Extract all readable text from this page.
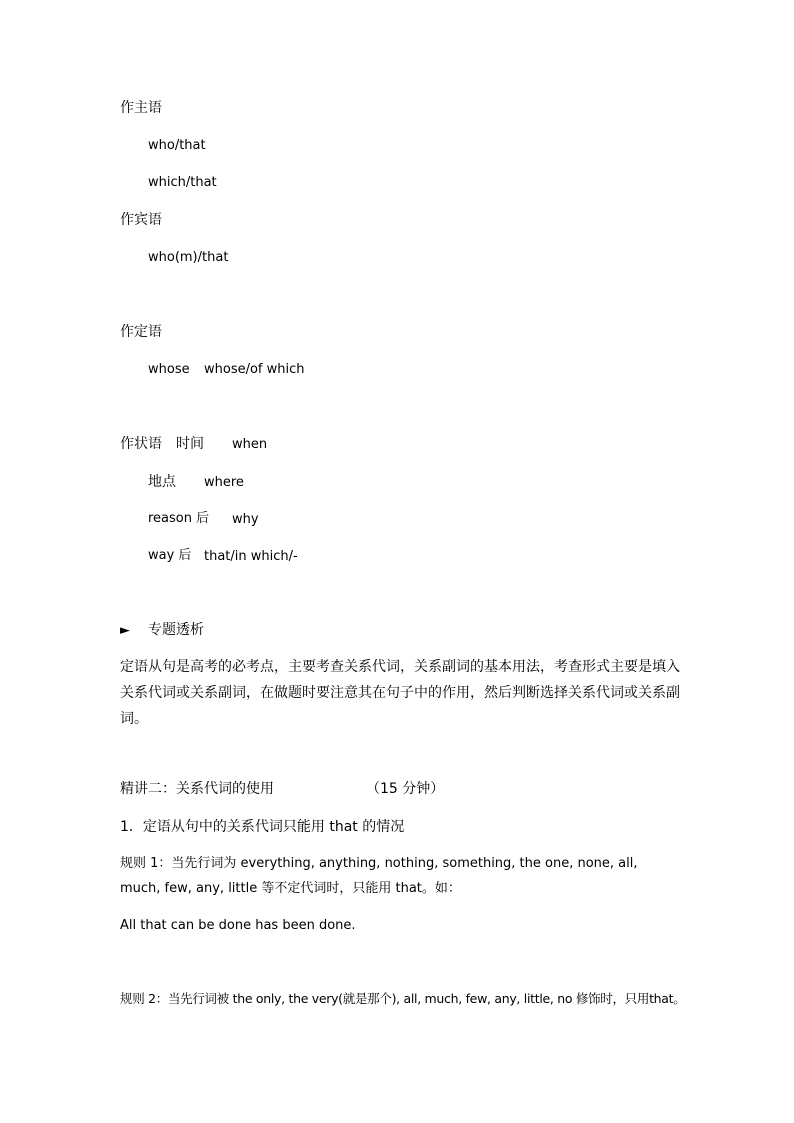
作主语
who/that
which/that
作宾语
who(m)/that
作定语
whose whose/of which
作状语 时间 when
地点 where
reason 后 why
way 后 that/in which/-
► 专题透析
定语从句是高考的必考点，主要考查关系代词，关系副词的基本用法，考查形式主要是填入关系代词或关系副词，在做题时要注意其在句子中的作用，然后判断选择关系代词或关系副词。
精讲二：关系代词的使用	（15 分钟）
1．定语从句中的关系代词只能用 that 的情况
规则 1：当先行词为 everything, anything, nothing, something, the one, none, all, much, few, any, little 等不定代词时，只能用 that。如：
All that can be done has been done.
规则 2：当先行词被 the only, the very(就是那个), all, much, few, any, little, no 修饰时，只用that。
